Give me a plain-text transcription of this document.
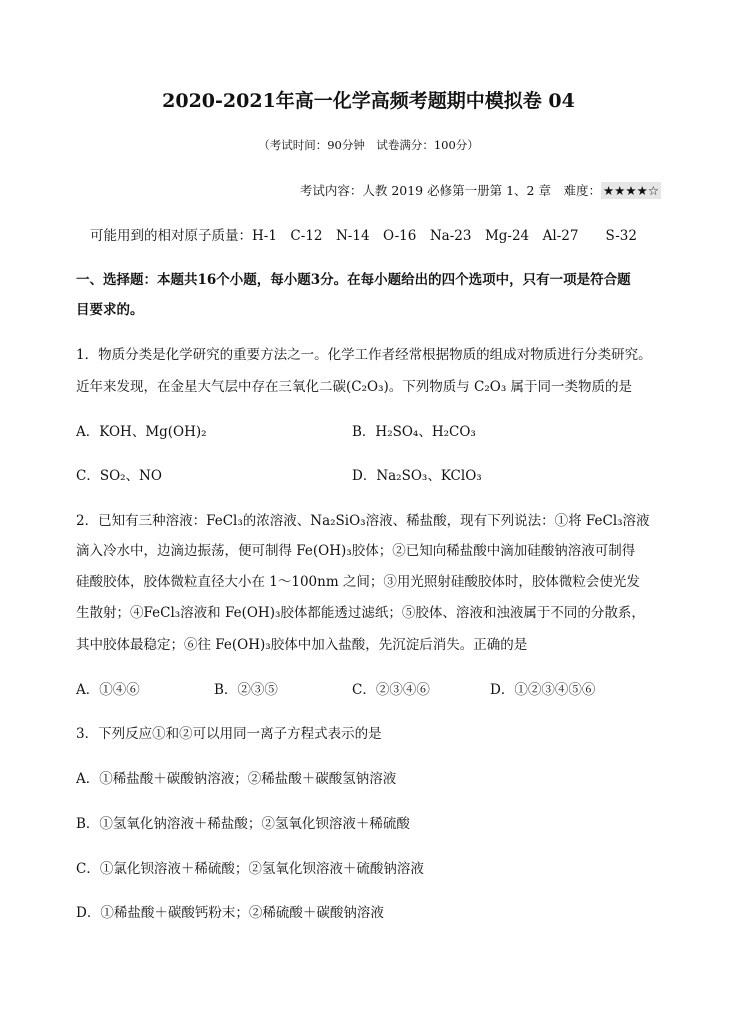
2020-2021年高一化学高频考题期中模拟卷 04
（考试时间：90分钟　试卷满分：100分）
考试内容：人教 2019 必修第一册第 1、2 章　难度： ★★★★☆
可能用到的相对原子质量：H-1　C-12　N-14　O-16　Na-23　Mg-24　Al-27　　S-32
一、选择题：本题共16个小题，每小题3分。在每小题给出的四个选项中，只有一项是符合题
目要求的。
1．物质分类是化学研究的重要方法之一。化学工作者经常根据物质的组成对物质进行分类研究。
近年来发现，在金星大气层中存在三氧化二碳(C₂O₃)。下列物质与 C₂O₃ 属于同一类物质的是
A．KOH、Mg(OH)₂	B．H₂SO₄、H₂CO₃
C．SO₂、NO	D．Na₂SO₃、KClO₃
2．已知有三种溶液：FeCl₃的浓溶液、Na₂SiO₃溶液、稀盐酸，现有下列说法：①将 FeCl₃溶液
滴入冷水中，边滴边振荡，便可制得 Fe(OH)₃胶体；②已知向稀盐酸中滴加硅酸钠溶液可制得
硅酸胶体，胶体微粒直径大小在 1～100nm 之间；③用光照射硅酸胶体时，胶体微粒会使光发
生散射；④FeCl₃溶液和 Fe(OH)₃胶体都能透过滤纸；⑤胶体、溶液和浊液属于不同的分散系，
其中胶体最稳定；⑥往 Fe(OH)₃胶体中加入盐酸，先沉淀后消失。正确的是
A．①④⑥	B．②③⑤	C．②③④⑥	D．①②③④⑤⑥
3．下列反应①和②可以用同一离子方程式表示的是
A．①稀盐酸＋碳酸钠溶液；②稀盐酸＋碳酸氢钠溶液
B．①氢氧化钠溶液＋稀盐酸；②氢氧化钡溶液＋稀硫酸
C．①氯化钡溶液＋稀硫酸；②氢氧化钡溶液＋硫酸钠溶液
D．①稀盐酸＋碳酸钙粉末；②稀硫酸＋碳酸钠溶液
